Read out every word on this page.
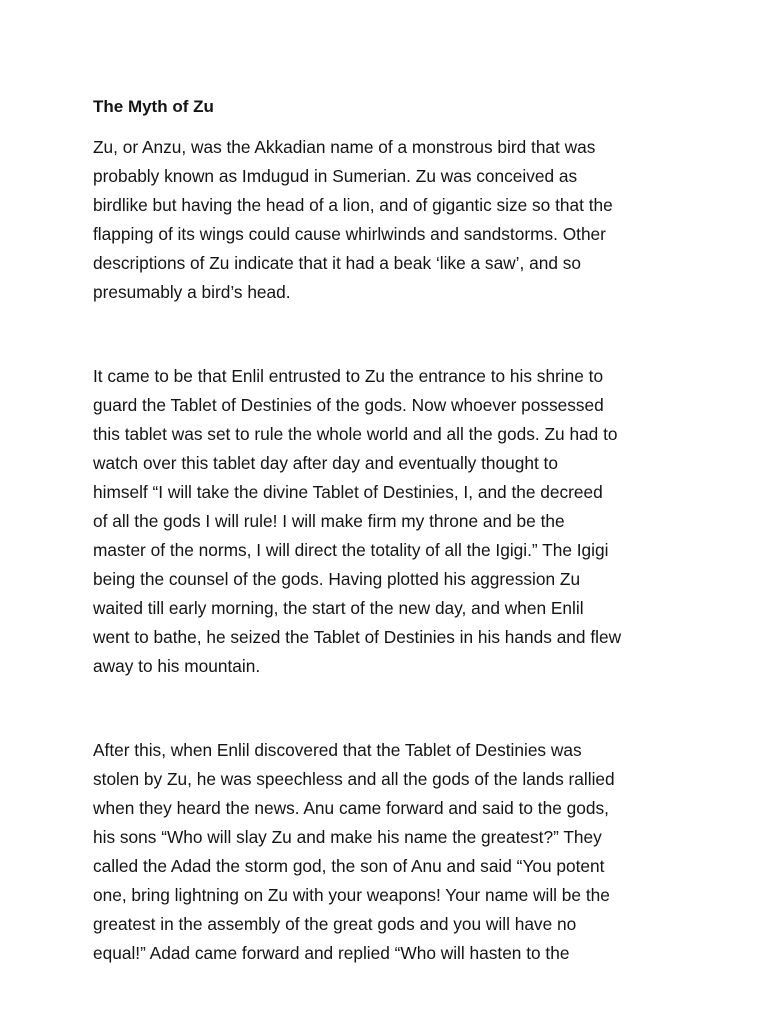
The Myth of Zu
Zu, or Anzu, was the Akkadian name of a monstrous bird that was
probably known as Imdugud in Sumerian. Zu was conceived as
birdlike but having the head of a lion, and of gigantic size so that the
flapping of its wings could cause whirlwinds and sandstorms. Other
descriptions of Zu indicate that it had a beak ‘like a saw’, and so
presumably a bird’s head.
It came to be that Enlil entrusted to Zu the entrance to his shrine to
guard the Tablet of Destinies of the gods. Now whoever possessed
this tablet was set to rule the whole world and all the gods. Zu had to
watch over this tablet day after day and eventually thought to
himself “I will take the divine Tablet of Destinies, I, and the decreed
of all the gods I will rule! I will make firm my throne and be the
master of the norms, I will direct the totality of all the Igigi.” The Igigi
being the counsel of the gods. Having plotted his aggression Zu
waited till early morning, the start of the new day, and when Enlil
went to bathe, he seized the Tablet of Destinies in his hands and flew
away to his mountain.
After this, when Enlil discovered that the Tablet of Destinies was
stolen by Zu, he was speechless and all the gods of the lands rallied
when they heard the news. Anu came forward and said to the gods,
his sons “Who will slay Zu and make his name the greatest?” They
called the Adad the storm god, the son of Anu and said “You potent
one, bring lightning on Zu with your weapons! Your name will be the
greatest in the assembly of the great gods and you will have no
equal!” Adad came forward and replied “Who will hasten to the
